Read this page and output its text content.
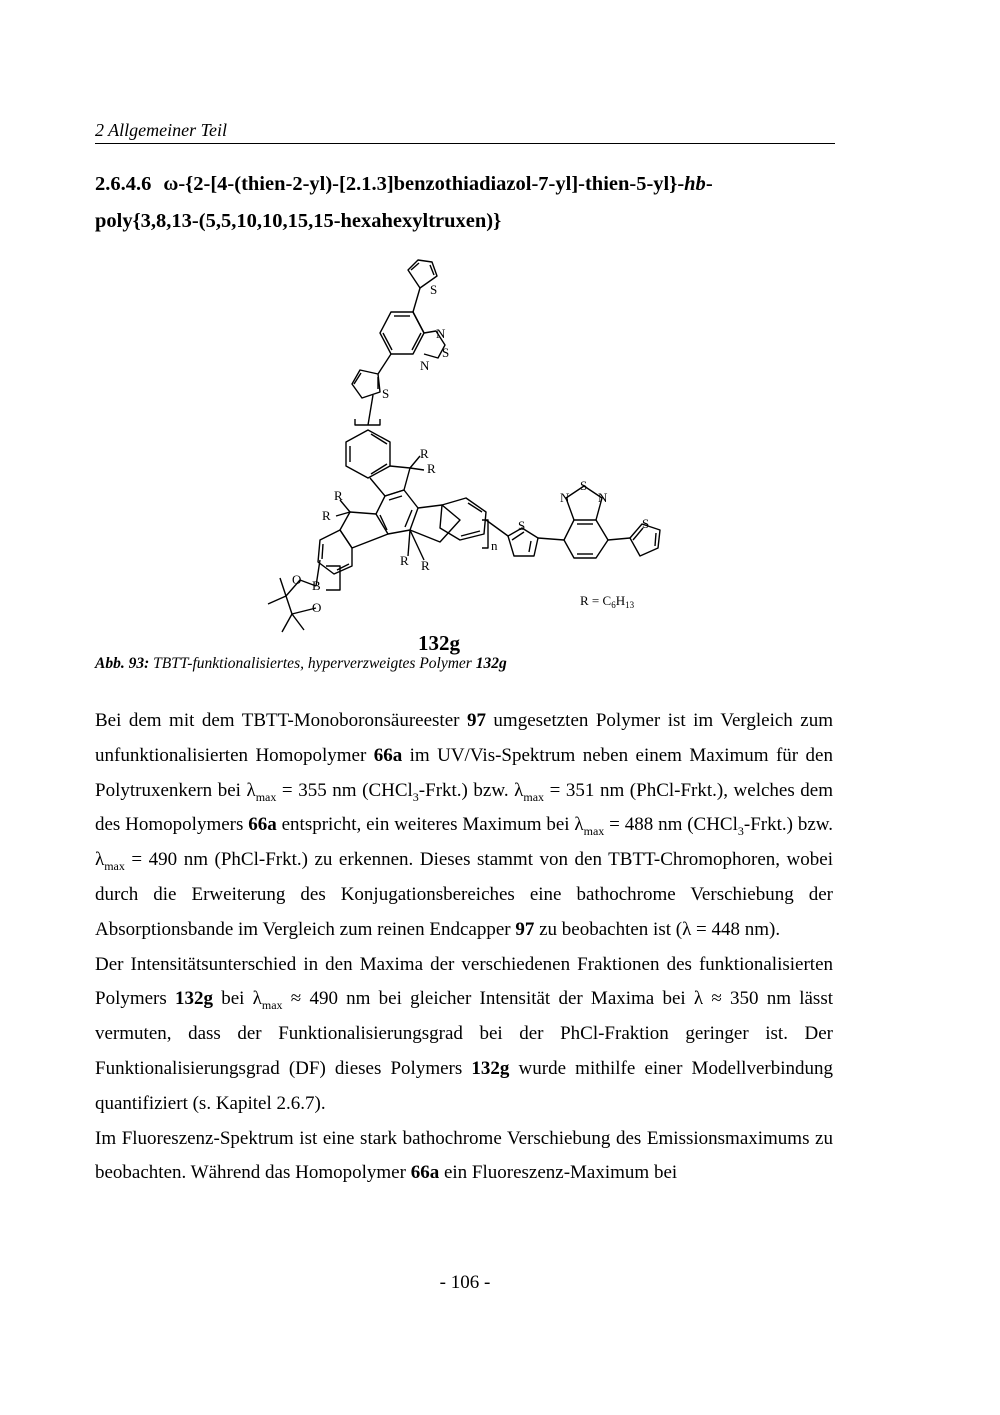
2 Allgemeiner Teil
2.6.4.6 ω-{2-[4-(thien-2-yl)-[2.1.3]benzothiadiazol-7-yl]-thien-5-yl}-hb-
poly{3,8,13-(5,5,10,10,15,15-hexahexyltruxen)}
S
N
S
N
S
R
R
R
R
R R
n
S
S
N N
S
O B
O	$R = C_6H_{13}$
132g
Abb. 93: TBTT-funktionalisiertes, hyperverzweigtes Polymer 132g

Bei dem mit dem TBTT-Monoboronsäureester 97 umgesetzten Polymer ist im Vergleich zum unfunktionalisierten Homopolymer 66a im UV/Vis-Spektrum neben einem Maximum für den Polytruxenkern bei $\lambda_{max} = 355$ nm (CHCl$_3$-Frkt.) bzw. $\lambda_{max} = 351$ nm (PhCl-Frkt.), welches dem des Homopolymers 66a entspricht, ein weiteres Maximum bei $\lambda_{max} = 488$ nm (CHCl$_3$-Frkt.) bzw. $\lambda_{max} = 490$ nm (PhCl-Frkt.) zu erkennen. Dieses stammt von den TBTT-Chromophoren, wobei durch die Erweiterung des Konjugationsbereiches eine bathochrome Verschiebung der Absorptionsbande im Vergleich zum reinen Endcapper 97 zu beobachten ist (λ = 448 nm).

Der Intensitätsunterschied in den Maxima der verschiedenen Fraktionen des funktionalisierten Polymers 132g bei $\lambda_{max} \approx 490$ nm bei gleicher Intensität der Maxima bei λ ≈ 350 nm lässt vermuten, dass der Funktionalisierungsgrad bei der PhCl-Fraktion geringer ist. Der Funktionalisierungsgrad (DF) dieses Polymers 132g wurde mithilfe einer Modellverbindung quantifiziert (s. Kapitel 2.6.7).

Im Fluoreszenz-Spektrum ist eine stark bathochrome Verschiebung des Emissionsmaximums zu beobachten. Während das Homopolymer 66a ein Fluoreszenz-Maximum bei

- 106 -
